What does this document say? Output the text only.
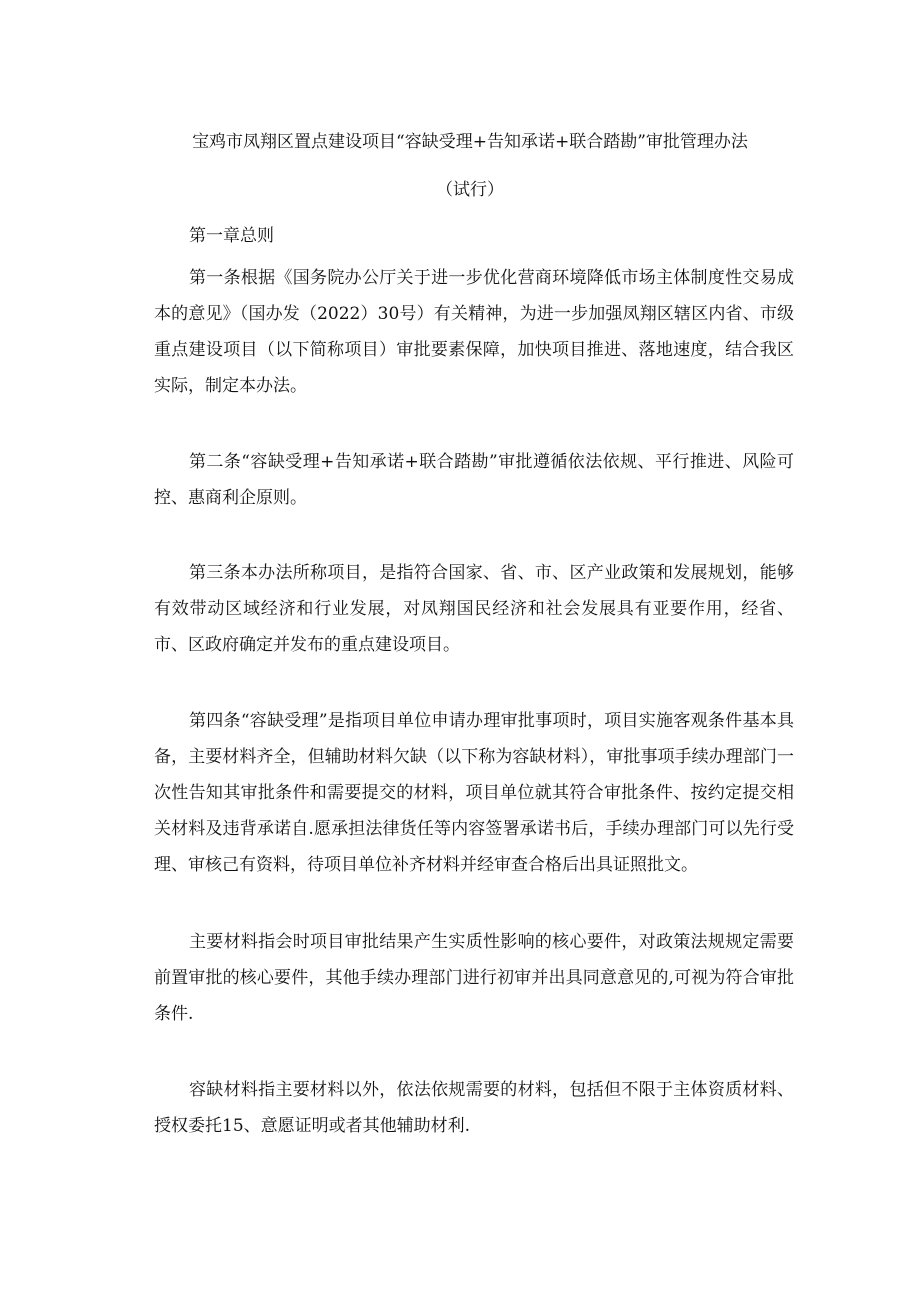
宝鸡市凤翔区置点建设项目“容缺受理+告知承诺+联合踏勘”审批管理办法
（试行）
第一章总则

第一条根据《国务院办公厅关于进一步优化营商环境降低市场主体制度性交易成本的意见》（国办发（2022）30号）有关精神，为进一步加强凤翔区辖区内省、市级重点建设项目（以下简称项目）审批要素保障，加快项目推进、落地速度，结合我区实际，制定本办法。

第二条“容缺受理+告知承诺+联合踏勘”审批遵循依法依规、平行推进、风险可控、惠商利企原则。

第三条本办法所称项目，是指符合国家、省、市、区产业政策和发展规划，能够有效带动区域经济和行业发展，对凤翔国民经济和社会发展具有亚要作用，经省、市、区政府确定并发布的重点建设项目。

第四条“容缺受理”是指项目单位申请办理审批事项时，项目实施客观条件基本具备，主要材料齐全，但辅助材料欠缺（以下称为容缺材料），审批事项手续办理部门一次性告知其审批条件和需要提交的材料，项目单位就其符合审批条件、按约定提交相关材料及违背承诺自.愿承担法律货任等内容签署承诺书后，手续办理部门可以先行受理、审核己有资料，待项目单位补齐材料并经审查合格后出具证照批文。

主要材料指会时项目审批结果产生实质性影响的核心要件，对政策法规规定需要前置审批的核心要件，其他手续办理部门进行初审并出具同意意见的,可视为符合审批条件.

容缺材料指主要材料以外，依法依规需要的材料，包括但不限于主体资质材料、授权委托15、意愿证明或者其他辅助材利.
